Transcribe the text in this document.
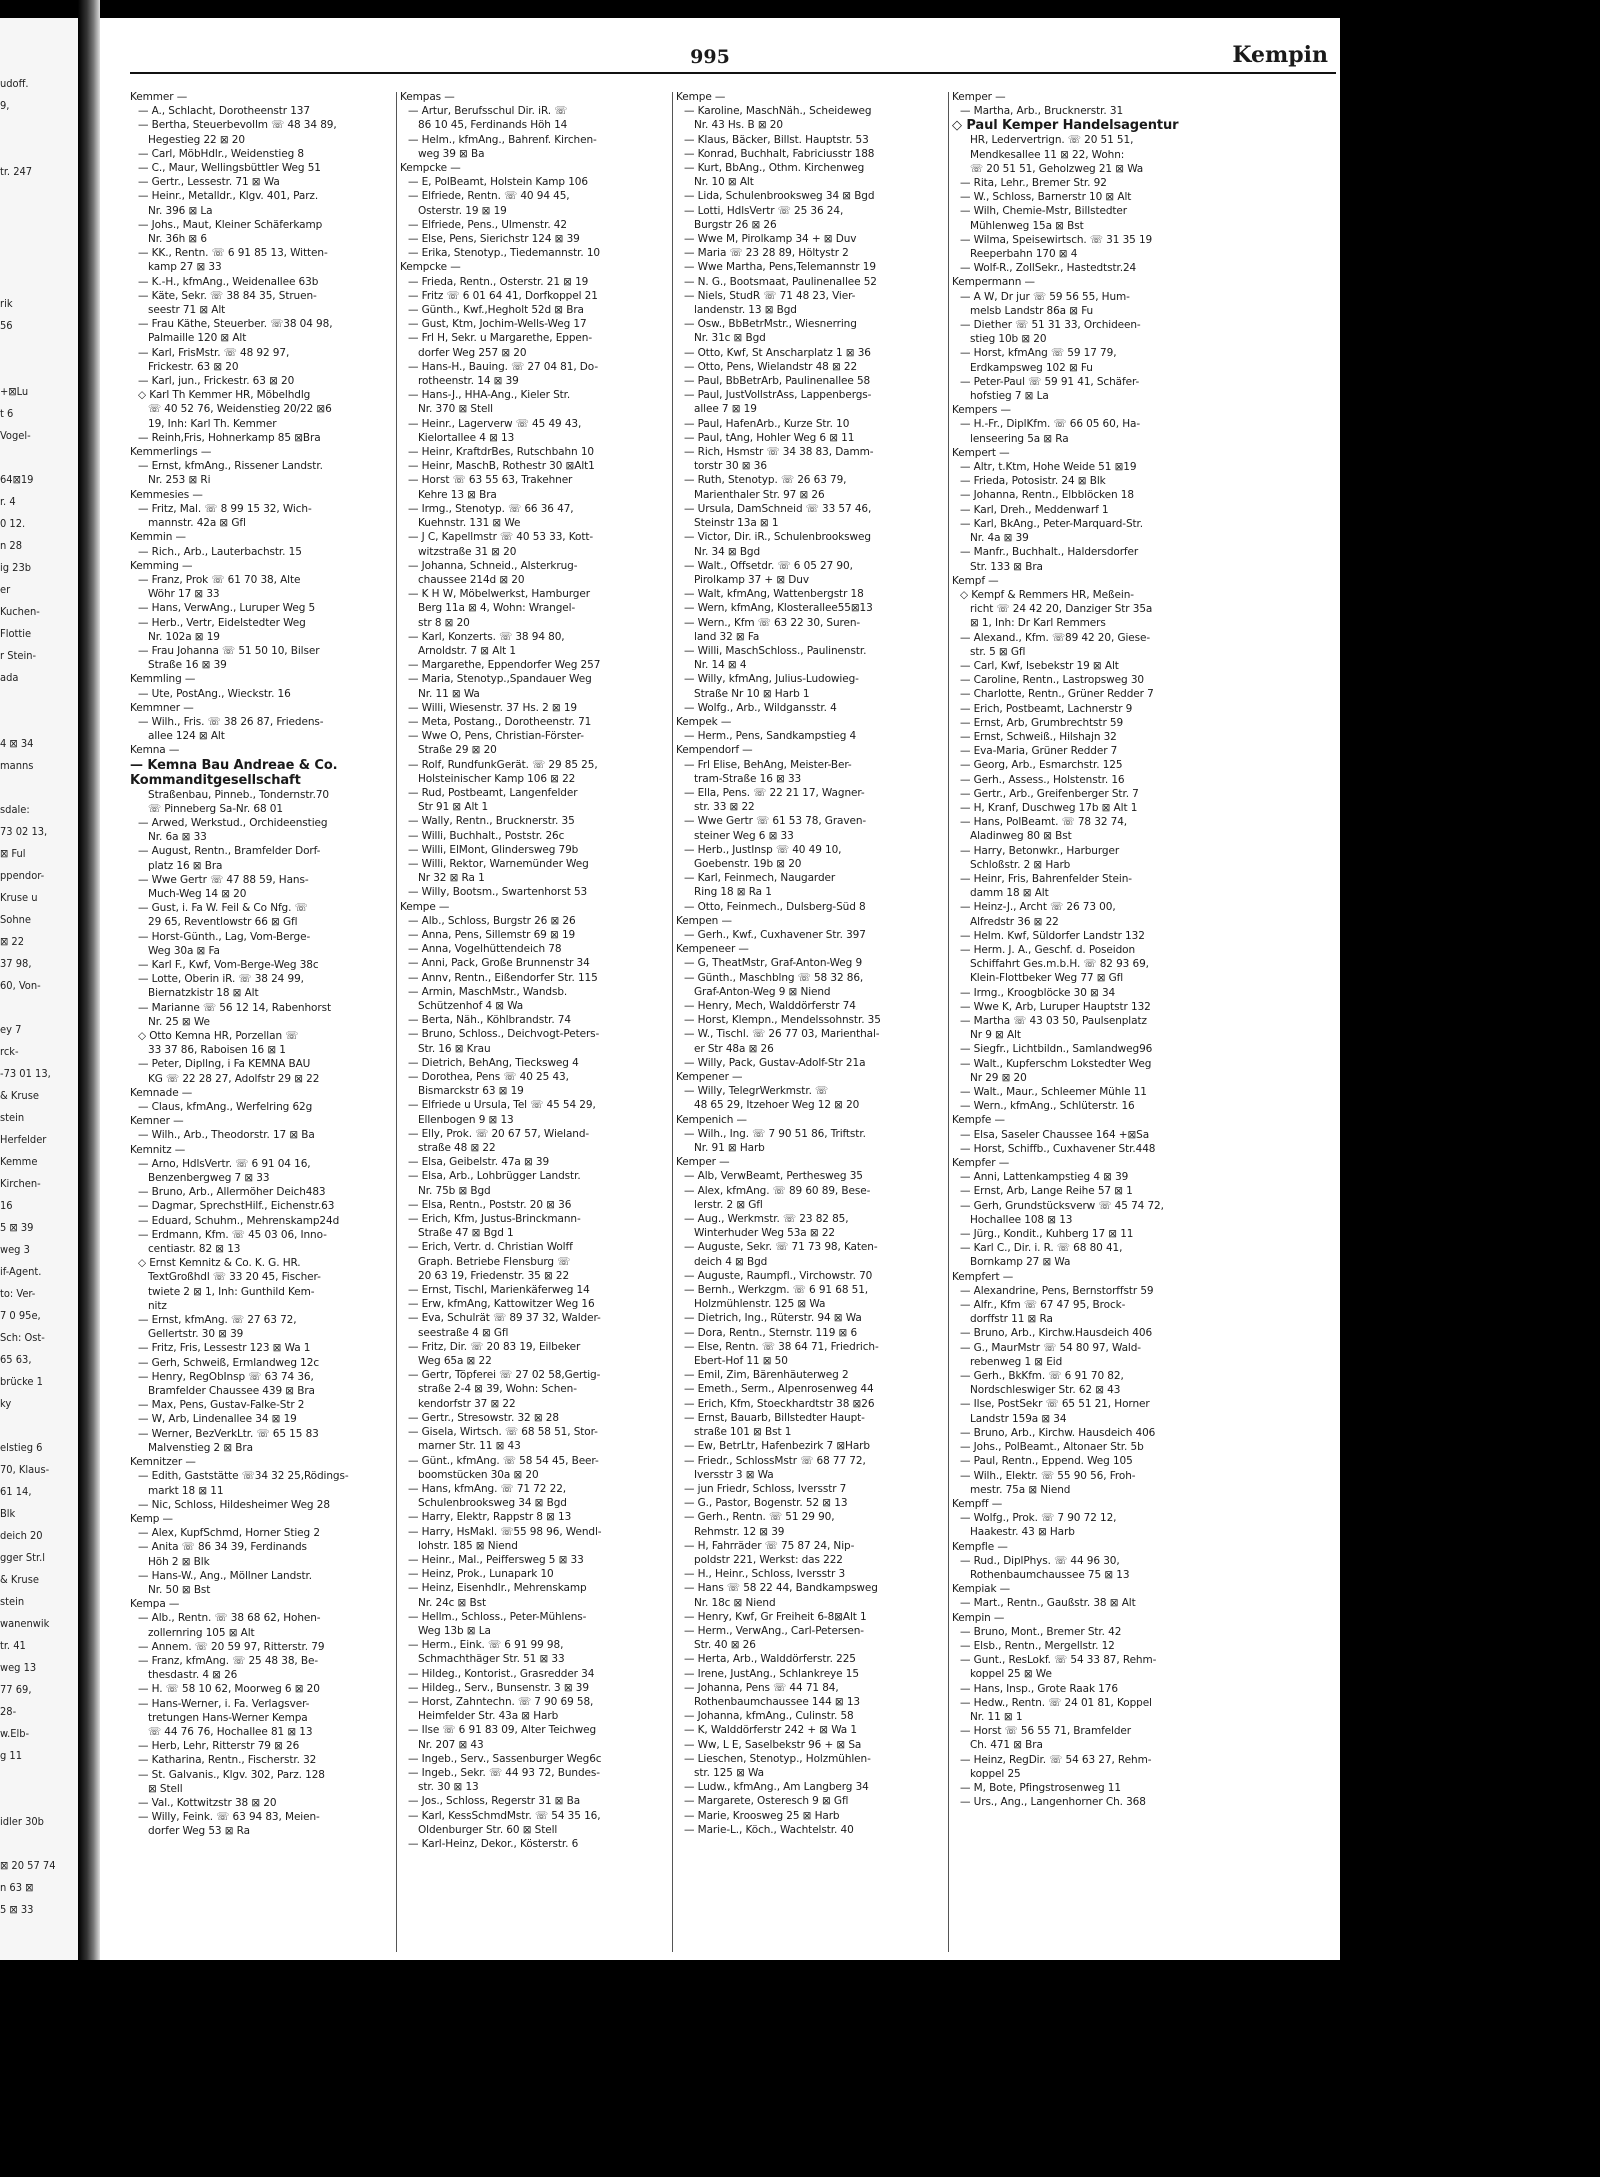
udoff.
9,
tr. 247
rik
56
+⊠Lu
t 6
Vogel-
64⊠19
r. 4
0 12.
n 28
ig 23b
er
Kuchen-
Flottie
r Stein-
ada
4 ⊠ 34
manns
sdale:
73 02 13,
⊠ Ful
ppendor-
Kruse u
Sohne
⊠ 22
37 98,
60, Von-
ey 7
rck-
-73 01 13,
& Kruse
stein
Herfelder
Kemme
Kirchen-
16
5 ⊠ 39
weg 3
if-Agent.
to: Ver-
7 0 95e,
Sch: Ost-
65 63,
brücke 1
ky
elstieg 6
70, Klaus-
61 14,
Blk
deich 20
gger Str.l
& Kruse
stein
wanenwik
tr. 41
weg 13
77 69,
28-
w.Elb-
g 11
idler 30b
⊠ 20 57 74
n 63 ⊠
5 ⊠ 33
995	Kempin
Kemmer —
— A., Schlacht, Dorotheenstr 137
— Bertha, Steuerbevollm ☏ 48 34 89,
Hegestieg 22 ⊠ 20
— Carl, MöbHdlr., Weidenstieg 8
— C., Maur, Wellingsbüttler Weg 51
— Gertr., Lessestr. 71 ⊠ Wa
— Heinr., Metalldr., Klgv. 401, Parz.
Nr. 396 ⊠ La
— Johs., Maut, Kleiner Schäferkamp
Nr. 36h ⊠ 6
— KK., Rentn. ☏ 6 91 85 13, Witten-
kamp 27 ⊠ 33
— K.-H., kfmAng., Weidenallee 63b
— Käte, Sekr. ☏ 38 84 35, Struen-
seestr 71 ⊠ Alt
— Frau Käthe, Steuerber. ☏38 04 98,
Palmaille 120 ⊠ Alt
— Karl, FrisMstr. ☏ 48 92 97,
Frickestr. 63 ⊠ 20
— Karl, jun., Frickestr. 63 ⊠ 20
◇ Karl Th Kemmer HR, Möbelhdlg
☏ 40 52 76, Weidenstieg 20/22 ⊠6
19, Inh: Karl Th. Kemmer
— Reinh,Fris, Hohnerkamp 85 ⊠Bra
Kemmerlings —
— Ernst, kfmAng., Rissener Landstr.
Nr. 253 ⊠ Ri
Kemmesies —
— Fritz, Mal. ☏ 8 99 15 32, Wich-
mannstr. 42a ⊠ Gfl
Kemmin —
— Rich., Arb., Lauterbachstr. 15
Kemming —
— Franz, Prok ☏ 61 70 38, Alte
Wöhr 17 ⊠ 33
— Hans, VerwAng., Luruper Weg 5
— Herb., Vertr, Eidelstedter Weg
Nr. 102a ⊠ 19
— Frau Johanna ☏ 51 50 10, Bilser
Straße 16 ⊠ 39
Kemmling —
— Ute, PostAng., Wieckstr. 16
Kemmner —
— Wilh., Fris. ☏ 38 26 87, Friedens-
allee 124 ⊠ Alt
Kemna —
— Kemna Bau Andreae & Co.
Kommanditgesellschaft
Straßenbau, Pinneb., Tondernstr.70
☏ Pinneberg Sa-Nr. 68 01
— Arwed, Werkstud., Orchideenstieg
Nr. 6a ⊠ 33
— August, Rentn., Bramfelder Dorf-
platz 16 ⊠ Bra
— Wwe Gertr ☏ 47 88 59, Hans-
Much-Weg 14 ⊠ 20
— Gust, i. Fa W. Feil & Co Nfg. ☏
29 65, Reventlowstr 66 ⊠ Gfl
— Horst-Günth., Lag, Vom-Berge-
Weg 30a ⊠ Fa
— Karl F., Kwf, Vom-Berge-Weg 38c
— Lotte, Oberin iR. ☏ 38 24 99,
Biernatzkistr 18 ⊠ Alt
— Marianne ☏ 56 12 14, Rabenhorst
Nr. 25 ⊠ We
◇ Otto Kemna HR, Porzellan ☏
33 37 86, Raboisen 16 ⊠ 1
— Peter, Dipllng, i Fa KEMNA BAU
KG ☏ 22 28 27, Adolfstr 29 ⊠ 22
Kemnade —
— Claus, kfmAng., Werfelring 62g
Kemner —
— Wilh., Arb., Theodorstr. 17 ⊠ Ba
Kemnitz —
— Arno, HdlsVertr. ☏ 6 91 04 16,
Benzenbergweg 7 ⊠ 33
— Bruno, Arb., Allermöher Deich483
— Dagmar, SprechstHilf., Eichenstr.63
— Eduard, Schuhm., Mehrenskamp24d
— Erdmann, Kfm. ☏ 45 03 06, Inno-
centiastr. 82 ⊠ 13
◇ Ernst Kemnitz & Co. K. G. HR.
TextGroßhdl ☏ 33 20 45, Fischer-
twiete 2 ⊠ 1, Inh: Gunthild Kem-
nitz
— Ernst, kfmAng. ☏ 27 63 72,
Gellertstr. 30 ⊠ 39
— Fritz, Fris, Lessestr 123 ⊠ Wa 1
— Gerh, Schweiß, Ermlandweg 12c
— Henry, RegObInsp ☏ 63 74 36,
Bramfelder Chaussee 439 ⊠ Bra
— Max, Pens, Gustav-Falke-Str 2
— W, Arb, Lindenallee 34 ⊠ 19
— Werner, BezVerkLtr. ☏ 65 15 83
Malvenstieg 2 ⊠ Bra
Kemnitzer —
— Edith, Gaststätte ☏34 32 25,Rödings-
markt 18 ⊠ 11
— Nic, Schloss, Hildesheimer Weg 28
Kemp —
— Alex, KupfSchmd, Horner Stieg 2
— Anita ☏ 86 34 39, Ferdinands
Höh 2 ⊠ Blk
— Hans-W., Ang., Möllner Landstr.
Nr. 50 ⊠ Bst
Kempa —
— Alb., Rentn. ☏ 38 68 62, Hohen-
zollernring 105 ⊠ Alt
— Annem. ☏ 20 59 97, Ritterstr. 79
— Franz, kfmAng. ☏ 25 48 38, Be-
thesdastr. 4 ⊠ 26
— H. ☏ 58 10 62, Moorweg 6 ⊠ 20
— Hans-Werner, i. Fa. Verlagsver-
tretungen Hans-Werner Kempa
☏ 44 76 76, Hochallee 81 ⊠ 13
— Herb, Lehr, Ritterstr 79 ⊠ 26
— Katharina, Rentn., Fischerstr. 32
— St. Galvanis., Klgv. 302, Parz. 128
⊠ Stell
— Val., Kottwitzstr 38 ⊠ 20
— Willy, Feink. ☏ 63 94 83, Meien-
dorfer Weg 53 ⊠ Ra
Kempas —
— Artur, Berufsschul Dir. iR. ☏
86 10 45, Ferdinands Höh 14
— Helm., kfmAng., Bahrenf. Kirchen-
weg 39 ⊠ Ba
Kempcke —
— E, PolBeamt, Holstein Kamp 106
— Elfriede, Rentn. ☏ 40 94 45,
Osterstr. 19 ⊠ 19
— Elfriede, Pens., Ulmenstr. 42
— Else, Pens, Sierichstr 124 ⊠ 39
— Erika, Stenotyp., Tiedemannstr. 10
Kempcke —
— Frieda, Rentn., Osterstr. 21 ⊠ 19
— Fritz ☏ 6 01 64 41, Dorfkoppel 21
— Günth., Kwf.,Hegholt 52d ⊠ Bra
— Gust, Ktm, Jochim-Wells-Weg 17
— Frl H, Sekr. u Margarethe, Eppen-
dorfer Weg 257 ⊠ 20
— Hans-H., Bauing. ☏ 27 04 81, Do-
rotheenstr. 14 ⊠ 39
— Hans-J., HHA-Ang., Kieler Str.
Nr. 370 ⊠ Stell
— Heinr., Lagerverw ☏ 45 49 43,
Kielortallee 4 ⊠ 13
— Heinr, KraftdrBes, Rutschbahn 10
— Heinr, MaschB, Rothestr 30 ⊠Alt1
— Horst ☏ 63 55 63, Trakehner
Kehre 13 ⊠ Bra
— Irmg., Stenotyp. ☏ 66 36 47,
Kuehnstr. 131 ⊠ We
— J C, Kapellmstr ☏ 40 53 33, Kott-
witzstraße 31 ⊠ 20
— Johanna, Schneid., Alsterkrug-
chaussee 214d ⊠ 20
— K H W, Möbelwerkst, Hamburger
Berg 11a ⊠ 4, Wohn: Wrangel-
str 8 ⊠ 20
— Karl, Konzerts. ☏ 38 94 80,
Arnoldstr. 7 ⊠ Alt 1
— Margarethe, Eppendorfer Weg 257
— Maria, Stenotyp.,Spandauer Weg
Nr. 11 ⊠ Wa
— Willi, Wiesenstr. 37 Hs. 2 ⊠ 19
— Meta, Postang., Dorotheenstr. 71
— Wwe O, Pens, Christian-Förster-
Straße 29 ⊠ 20
— Rolf, RundfunkGerät. ☏ 29 85 25,
Holsteinischer Kamp 106 ⊠ 22
— Rud, Postbeamt, Langenfelder
Str 91 ⊠ Alt 1
— Wally, Rentn., Brucknerstr. 35
— Willi, Buchhalt., Poststr. 26c
— Willi, ElMont, Glindersweg 79b
— Willi, Rektor, Warnemünder Weg
Nr 32 ⊠ Ra 1
— Willy, Bootsm., Swartenhorst 53
Kempe —
— Alb., Schloss, Burgstr 26 ⊠ 26
— Anna, Pens, Sillemstr 69 ⊠ 19
— Anna, Vogelhüttendeich 78
— Anni, Pack, Große Brunnenstr 34
— Annv, Rentn., Eißendorfer Str. 115
— Armin, MaschMstr., Wandsb.
Schützenhof 4 ⊠ Wa
— Berta, Näh., Köhlbrandstr. 74
— Bruno, Schloss., Deichvogt-Peters-
Str. 16 ⊠ Krau
— Dietrich, BehAng, Tiecksweg 4
— Dorothea, Pens ☏ 40 25 43,
Bismarckstr 63 ⊠ 19
— Elfriede u Ursula, Tel ☏ 45 54 29,
Ellenbogen 9 ⊠ 13
— Elly, Prok. ☏ 20 67 57, Wieland-
straße 48 ⊠ 22
— Elsa, Geibelstr. 47a ⊠ 39
— Elsa, Arb., Lohbrügger Landstr.
Nr. 75b ⊠ Bgd
— Elsa, Rentn., Poststr. 20 ⊠ 36
— Erich, Kfm, Justus-Brinckmann-
Straße 47 ⊠ Bgd 1
— Erich, Vertr. d. Christian Wolff
Graph. Betriebe Flensburg ☏
20 63 19, Friedenstr. 35 ⊠ 22
— Ernst, Tischl, Marienkäferweg 14
— Erw, kfmAng, Kattowitzer Weg 16
— Eva, Schulrät ☏ 89 37 32, Walder-
seestraße 4 ⊠ Gfl
— Fritz, Dir. ☏ 20 83 19, Eilbeker
Weg 65a ⊠ 22
— Gertr, Töpferei ☏ 27 02 58,Gertig-
straße 2-4 ⊠ 39, Wohn: Schen-
kendorfstr 37 ⊠ 22
— Gertr., Stresowstr. 32 ⊠ 28
— Gisela, Wirtsch. ☏ 68 58 51, Stor-
marner Str. 11 ⊠ 43
— Günt., kfmAng. ☏ 58 54 45, Beer-
boomstücken 30a ⊠ 20
— Hans, kfmAng. ☏ 71 72 22,
Schulenbrooksweg 34 ⊠ Bgd
— Harry, Elektr, Rappstr 8 ⊠ 13
— Harry, HsMakl. ☏55 98 96, Wendl-
lohstr. 185 ⊠ Niend
— Heinr., Mal., Peiffersweg 5 ⊠ 33
— Heinz, Prok., Lunapark 10
— Heinz, Eisenhdlr., Mehrenskamp
Nr. 24c ⊠ Bst
— Hellm., Schloss., Peter-Mühlens-
Weg 13b ⊠ La
— Herm., Eink. ☏ 6 91 99 98,
Schmachthäger Str. 51 ⊠ 33
— Hildeg., Kontorist., Grasredder 34
— Hildeg., Serv., Bunsenstr. 3 ⊠ 39
— Horst, Zahntechn. ☏ 7 90 69 58,
Heimfelder Str. 43a ⊠ Harb
— Ilse ☏ 6 91 83 09, Alter Teichweg
Nr. 207 ⊠ 43
— Ingeb., Serv., Sassenburger Weg6c
— Ingeb., Sekr. ☏ 44 93 72, Bundes-
str. 30 ⊠ 13
— Jos., Schloss, Regerstr 31 ⊠ Ba
— Karl, KessSchmdMstr. ☏ 54 35 16,
Oldenburger Str. 60 ⊠ Stell
— Karl-Heinz, Dekor., Kösterstr. 6
Kempe —
— Karoline, MaschNäh., Scheideweg
Nr. 43 Hs. B ⊠ 20
— Klaus, Bäcker, Billst. Hauptstr. 53
— Konrad, Buchhalt, Fabriciusstr 188
— Kurt, BbAng., Othm. Kirchenweg
Nr. 10 ⊠ Alt
— Lida, Schulenbrooksweg 34 ⊠ Bgd
— Lotti, HdlsVertr ☏ 25 36 24,
Burgstr 26 ⊠ 26
— Wwe M, Pirolkamp 34 + ⊠ Duv
— Maria ☏ 23 28 89, Höltystr 2
— Wwe Martha, Pens,Telemannstr 19
— N. G., Bootsmaat, Paulinenallee 52
— Niels, StudR ☏ 71 48 23, Vier-
landenstr. 13 ⊠ Bgd
— Osw., BbBetrMstr., Wiesnerring
Nr. 31c ⊠ Bgd
— Otto, Kwf, St Anscharplatz 1 ⊠ 36
— Otto, Pens, Wielandstr 48 ⊠ 22
— Paul, BbBetrArb, Paulinenallee 58
— Paul, JustVollstrAss, Lappenbergs-
allee 7 ⊠ 19
— Paul, HafenArb., Kurze Str. 10
— Paul, tAng, Hohler Weg 6 ⊠ 11
— Rich, Hsmstr ☏ 34 38 83, Damm-
torstr 30 ⊠ 36
— Ruth, Stenotyp. ☏ 26 63 79,
Marienthaler Str. 97 ⊠ 26
— Ursula, DamSchneid ☏ 33 57 46,
Steinstr 13a ⊠ 1
— Victor, Dir. iR., Schulenbrooksweg
Nr. 34 ⊠ Bgd
— Walt., Offsetdr. ☏ 6 05 27 90,
Pirolkamp 37 + ⊠ Duv
— Walt, kfmAng, Wattenbergstr 18
— Wern, kfmAng, Klosterallee55⊠13
— Wern., Kfm ☏ 63 22 30, Suren-
land 32 ⊠ Fa
— Willi, MaschSchloss., Paulinenstr.
Nr. 14 ⊠ 4
— Willy, kfmAng, Julius-Ludowieg-
Straße Nr 10 ⊠ Harb 1
— Wolfg., Arb., Wildgansstr. 4
Kempek —
— Herm., Pens, Sandkampstieg 4
Kempendorf —
— Frl Elise, BehAng, Meister-Ber-
tram-Straße 16 ⊠ 33
— Ella, Pens. ☏ 22 21 17, Wagner-
str. 33 ⊠ 22
— Wwe Gertr ☏ 61 53 78, Graven-
steiner Weg 6 ⊠ 33
— Herb., JustInsp ☏ 40 49 10,
Goebenstr. 19b ⊠ 20
— Karl, Feinmech, Naugarder
Ring 18 ⊠ Ra 1
— Otto, Feinmech., Dulsberg-Süd 8
Kempen —
— Gerh., Kwf., Cuxhavener Str. 397
Kempeneer —
— G, TheatMstr, Graf-Anton-Weg 9
— Günth., Maschblng ☏ 58 32 86,
Graf-Anton-Weg 9 ⊠ Niend
— Henry, Mech, Walddörferstr 74
— Horst, Klempn., Mendelssohnstr. 35
— W., Tischl. ☏ 26 77 03, Marienthal-
er Str 48a ⊠ 26
— Willy, Pack, Gustav-Adolf-Str 21a
Kempener —
— Willy, TelegrWerkmstr. ☏
48 65 29, Itzehoer Weg 12 ⊠ 20
Kempenich —
— Wilh., Ing. ☏ 7 90 51 86, Triftstr.
Nr. 91 ⊠ Harb
Kemper —
— Alb, VerwBeamt, Perthesweg 35
— Alex, kfmAng. ☏ 89 60 89, Bese-
lerstr. 2 ⊠ Gfl
— Aug., Werkmstr. ☏ 23 82 85,
Winterhuder Weg 53a ⊠ 22
— Auguste, Sekr. ☏ 71 73 98, Katen-
deich 4 ⊠ Bgd
— Auguste, Raumpfl., Virchowstr. 70
— Bernh., Werkzgm. ☏ 6 91 68 51,
Holzmühlenstr. 125 ⊠ Wa
— Dietrich, Ing., Rüterstr. 94 ⊠ Wa
— Dora, Rentn., Sternstr. 119 ⊠ 6
— Else, Rentn. ☏ 38 64 71, Friedrich-
Ebert-Hof 11 ⊠ 50
— Emil, Zim, Bärenhäuterweg 2
— Emeth., Serm., Alpenrosenweg 44
— Erich, Kfm, Stoeckhardtstr 38 ⊠26
— Ernst, Bauarb, Billstedter Haupt-
straße 101 ⊠ Bst 1
— Ew, BetrLtr, Hafenbezirk 7 ⊠Harb
— Friedr., SchlossMstr ☏ 68 77 72,
Iversstr 3 ⊠ Wa
— jun Friedr, Schloss, Iversstr 7
— G., Pastor, Bogenstr. 52 ⊠ 13
— Gerh., Rentn. ☏ 51 29 90,
Rehmstr. 12 ⊠ 39
— H, Fahrräder ☏ 75 87 24, Nip-
poldstr 221, Werkst: das 222
— H., Heinr., Schloss, Iversstr 3
— Hans ☏ 58 22 44, Bandkampsweg
Nr. 18c ⊠ Niend
— Henry, Kwf, Gr Freiheit 6-8⊠Alt 1
— Herm., VerwAng., Carl-Petersen-
Str. 40 ⊠ 26
— Herta, Arb., Walddörferstr. 225
— Irene, JustAng., Schlankreye 15
— Johanna, Pens ☏ 44 71 84,
Rothenbaumchaussee 144 ⊠ 13
— Johanna, kfmAng., Culinstr. 58
— K, Walddörferstr 242 + ⊠ Wa 1
— Ww, L E, Saselbekstr 96 + ⊠ Sa
— Lieschen, Stenotyp., Holzmühlen-
str. 125 ⊠ Wa
— Ludw., kfmAng., Am Langberg 34
— Margarete, Osteresch 9 ⊠ Gfl
— Marie, Kroosweg 25 ⊠ Harb
— Marie-L., Köch., Wachtelstr. 40
Kemper —
— Martha, Arb., Brucknerstr. 31
◇ Paul Kemper Handelsagentur
HR, Ledervertrign. ☏ 20 51 51,
Mendkesallee 11 ⊠ 22, Wohn:
☏ 20 51 51, Geholzweg 21 ⊠ Wa
— Rita, Lehr., Bremer Str. 92
— W., Schloss, Barnerstr 10 ⊠ Alt
— Wilh, Chemie-Mstr, Billstedter
Mühlenweg 15a ⊠ Bst
— Wilma, Speisewirtsch. ☏ 31 35 19
Reeperbahn 170 ⊠ 4
— Wolf-R., ZollSekr., Hastedtstr.24
Kempermann —
— A W, Dr jur ☏ 59 56 55, Hum-
melsb Landstr 86a ⊠ Fu
— Diether ☏ 51 31 33, Orchideen-
stieg 10b ⊠ 20
— Horst, kfmAng ☏ 59 17 79,
Erdkampsweg 102 ⊠ Fu
— Peter-Paul ☏ 59 91 41, Schäfer-
hofstieg 7 ⊠ La
Kempers —
— H.-Fr., DiplKfm. ☏ 66 05 60, Ha-
lenseering 5a ⊠ Ra
Kempert —
— Altr, t.Ktm, Hohe Weide 51 ⊠19
— Frieda, Potosistr. 24 ⊠ Blk
— Johanna, Rentn., Elbblöcken 18
— Karl, Dreh., Meddenwarf 1
— Karl, BkAng., Peter-Marquard-Str.
Nr. 4a ⊠ 39
— Manfr., Buchhalt., Haldersdorfer
Str. 133 ⊠ Bra
Kempf —
◇ Kempf & Remmers HR, Meßein-
richt ☏ 24 42 20, Danziger Str 35a
⊠ 1, Inh: Dr Karl Remmers
— Alexand., Kfm. ☏89 42 20, Giese-
str. 5 ⊠ Gfl
— Carl, Kwf, Isebekstr 19 ⊠ Alt
— Caroline, Rentn., Lastropsweg 30
— Charlotte, Rentn., Grüner Redder 7
— Erich, Postbeamt, Lachnerstr 9
— Ernst, Arb, Grumbrechtstr 59
— Ernst, Schweiß., Hilshajn 32
— Eva-Maria, Grüner Redder 7
— Georg, Arb., Esmarchstr. 125
— Gerh., Assess., Holstenstr. 16
— Gertr., Arb., Greifenberger Str. 7
— H, Kranf, Duschweg 17b ⊠ Alt 1
— Hans, PolBeamt. ☏ 78 32 74,
Aladinweg 80 ⊠ Bst
— Harry, Betonwkr., Harburger
Schloßstr. 2 ⊠ Harb
— Heinr, Fris, Bahrenfelder Stein-
damm 18 ⊠ Alt
— Heinz-J., Archt ☏ 26 73 00,
Alfredstr 36 ⊠ 22
— Helm. Kwf, Süldorfer Landstr 132
— Herm. J. A., Geschf. d. Poseidon
Schiffahrt Ges.m.b.H. ☏ 82 93 69,
Klein-Flottbeker Weg 77 ⊠ Gfl
— Irmg., Kroogblöcke 30 ⊠ 34
— Wwe K, Arb, Luruper Hauptstr 132
— Martha ☏ 43 03 50, Paulsenplatz
Nr 9 ⊠ Alt
— Siegfr., Lichtbildn., Samlandweg96
— Walt., Kupferschm Lokstedter Weg
Nr 29 ⊠ 20
— Walt., Maur., Schleemer Mühle 11
— Wern., kfmAng., Schlüterstr. 16
Kempfe —
— Elsa, Saseler Chaussee 164 +⊠Sa
— Horst, Schiffb., Cuxhavener Str.448
Kempfer —
— Anni, Lattenkampstieg 4 ⊠ 39
— Ernst, Arb, Lange Reihe 57 ⊠ 1
— Gerh, Grundstücksverw ☏ 45 74 72,
Hochallee 108 ⊠ 13
— Jürg., Kondit., Kuhberg 17 ⊠ 11
— Karl C., Dir. i. R. ☏ 68 80 41,
Bornkamp 27 ⊠ Wa
Kempfert —
— Alexandrine, Pens, Bernstorffstr 59
— Alfr., Kfm ☏ 67 47 95, Brock-
dorffstr 11 ⊠ Ra
— Bruno, Arb., Kirchw.Hausdeich 406
— G., MaurMstr ☏ 54 80 97, Wald-
rebenweg 1 ⊠ Eid
— Gerh., BkKfm. ☏ 6 91 70 82,
Nordschleswiger Str. 62 ⊠ 43
— Ilse, PostSekr ☏ 65 51 21, Horner
Landstr 159a ⊠ 34
— Bruno, Arb., Kirchw. Hausdeich 406
— Johs., PolBeamt., Altonaer Str. 5b
— Paul, Rentn., Eppend. Weg 105
— Wilh., Elektr. ☏ 55 90 56, Froh-
mestr. 75a ⊠ Niend
Kempff —
— Wolfg., Prok. ☏ 7 90 72 12,
Haakestr. 43 ⊠ Harb
Kempfle —
— Rud., DiplPhys. ☏ 44 96 30,
Rothenbaumchaussee 75 ⊠ 13
Kempiak —
— Mart., Rentn., Gaußstr. 38 ⊠ Alt
Kempin —
— Bruno, Mont., Bremer Str. 42
— Elsb., Rentn., Mergellstr. 12
— Gunt., ResLokf. ☏ 54 33 87, Rehm-
koppel 25 ⊠ We
— Hans, Insp., Grote Raak 176
— Hedw., Rentn. ☏ 24 01 81, Koppel
Nr. 11 ⊠ 1
— Horst ☏ 56 55 71, Bramfelder
Ch. 471 ⊠ Bra
— Heinz, RegDir. ☏ 54 63 27, Rehm-
koppel 25
— M, Bote, Pfingstrosenweg 11
— Urs., Ang., Langenhorner Ch. 368
